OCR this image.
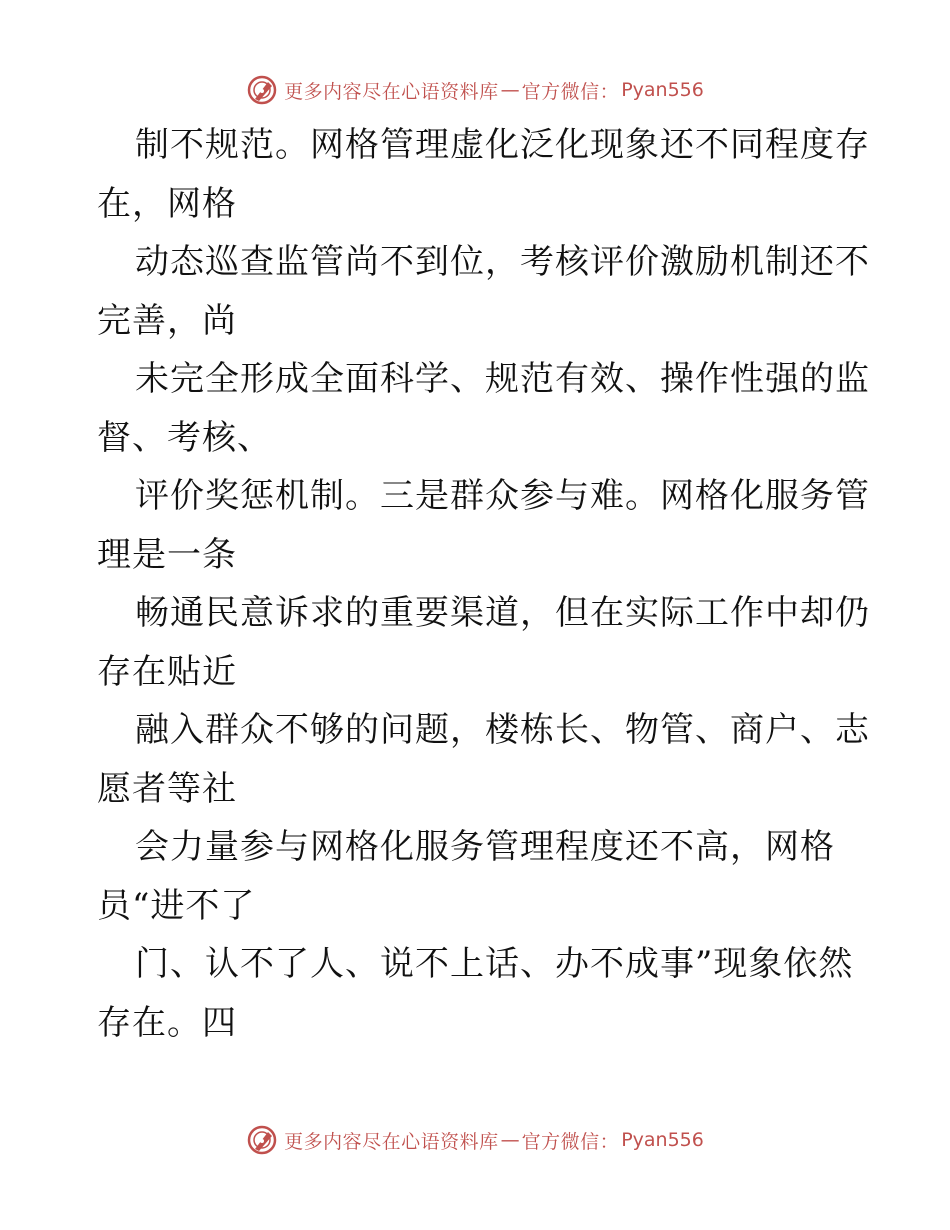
更多内容尽在心语资料库 — 官方微信： Pyan556
制不规范。网格管理虚化泛化现象还不同程度存
在，网格
动态巡查监管尚不到位，考核评价激励机制还不
完善，尚
未完全形成全面科学、规范有效、操作性强的监
督、考核、
评价奖惩机制。三是群众参与难。网格化服务管
理是一条
畅通民意诉求的重要渠道，但在实际工作中却仍
存在贴近
融入群众不够的问题，楼栋长、物管、商户、志
愿者等社
会力量参与网格化服务管理程度还不高，网格
员“进不了
门、认不了人、说不上话、办不成事”现象依然
存在。四
更多内容尽在心语资料库 — 官方微信： Pyan556
